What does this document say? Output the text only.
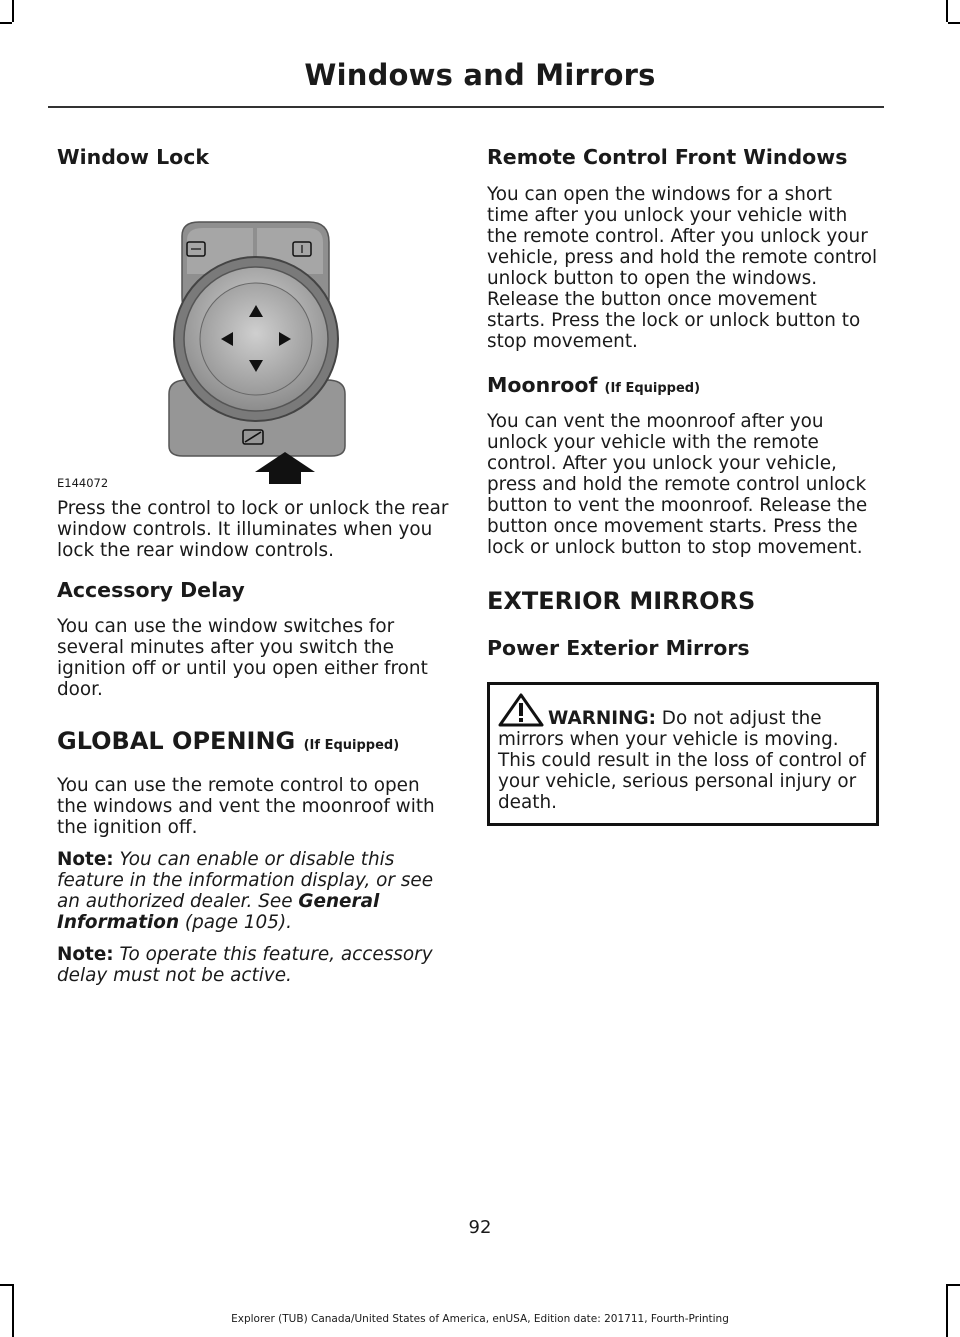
Windows and Mirrors
Window Lock
E144072

Press the control to lock or unlock the rear window controls. It illuminates when you lock the rear window controls.

Accessory Delay

You can use the window switches for several minutes after you switch the ignition off or until you open either front door.

GLOBAL OPENING (If Equipped)

You can use the remote control to open the windows and vent the moonroof with the ignition off.

Note: You can enable or disable this feature in the information display, or see an authorized dealer. See General Information (page 105).

Note: To operate this feature, accessory delay must not be active.

Remote Control Front Windows

You can open the windows for a short time after you unlock your vehicle with the remote control. After you unlock your vehicle, press and hold the remote control unlock button to open the windows. Release the button once movement starts. Press the lock or unlock button to stop movement.

Moonroof (If Equipped)

You can vent the moonroof after you unlock your vehicle with the remote control. After you unlock your vehicle, press and hold the remote control unlock button to vent the moonroof. Release the button once movement starts. Press the lock or unlock button to stop movement.

EXTERIOR MIRRORS
Power Exterior Mirrors

WARNING: Do not adjust the mirrors when your vehicle is moving. This could result in the loss of control of your vehicle, serious personal injury or death.

92
Explorer (TUB) Canada/United States of America, enUSA, Edition date: 201711, Fourth-Printing
